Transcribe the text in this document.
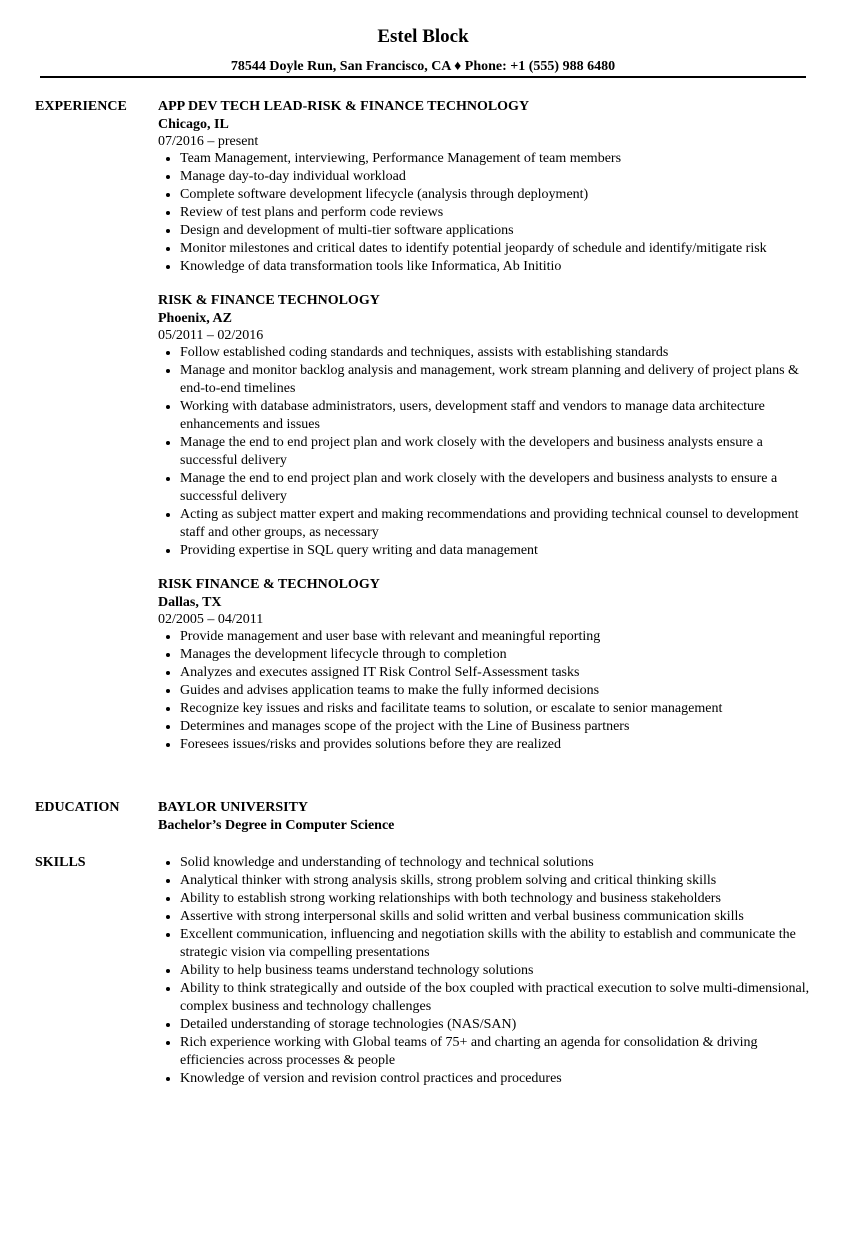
Estel Block
78544 Doyle Run, San Francisco, CA ♦ Phone: +1 (555) 988 6480
EXPERIENCE APP DEV TECH LEAD-RISK & FINANCE TECHNOLOGY
Chicago, IL
07/2016 – present
Team Management, interviewing, Performance Management of team members
Manage day-to-day individual workload
Complete software development lifecycle (analysis through deployment)
Review of test plans and perform code reviews
Design and development of multi-tier software applications
Monitor milestones and critical dates to identify potential jeopardy of schedule and identify/mitigate risk
Knowledge of data transformation tools like Informatica, Ab Inititio
RISK & FINANCE TECHNOLOGY
Phoenix, AZ
05/2011 – 02/2016
Follow established coding standards and techniques, assists with establishing standards
Manage and monitor backlog analysis and management, work stream planning and delivery of project plans & end-to-end timelines
Working with database administrators, users, development staff and vendors to manage data architecture enhancements and issues
Manage the end to end project plan and work closely with the developers and business analysts ensure a successful delivery
Manage the end to end project plan and work closely with the developers and business analysts to ensure a successful delivery
Acting as subject matter expert and making recommendations and providing technical counsel to development staff and other groups, as necessary
Providing expertise in SQL query writing and data management
RISK FINANCE & TECHNOLOGY
Dallas, TX
02/2005 – 04/2011
Provide management and user base with relevant and meaningful reporting
Manages the development lifecycle through to completion
Analyzes and executes assigned IT Risk Control Self-Assessment tasks
Guides and advises application teams to make the fully informed decisions
Recognize key issues and risks and facilitate teams to solution, or escalate to senior management
Determines and manages scope of the project with the Line of Business partners
Foresees issues/risks and provides solutions before they are realized
EDUCATION	BAYLOR UNIVERSITY
Bachelor’s Degree in Computer Science
SKILLS	Solid knowledge and understanding of technology and technical solutions
Analytical thinker with strong analysis skills, strong problem solving and critical thinking skills
Ability to establish strong working relationships with both technology and business stakeholders
Assertive with strong interpersonal skills and solid written and verbal business communication skills
Excellent communication, influencing and negotiation skills with the ability to establish and communicate the strategic vision via compelling presentations
Ability to help business teams understand technology solutions
Ability to think strategically and outside of the box coupled with practical execution to solve multi-dimensional, complex business and technology challenges
Detailed understanding of storage technologies (NAS/SAN)
Rich experience working with Global teams of 75+ and charting an agenda for consolidation & driving efficiencies across processes & people
Knowledge of version and revision control practices and procedures
